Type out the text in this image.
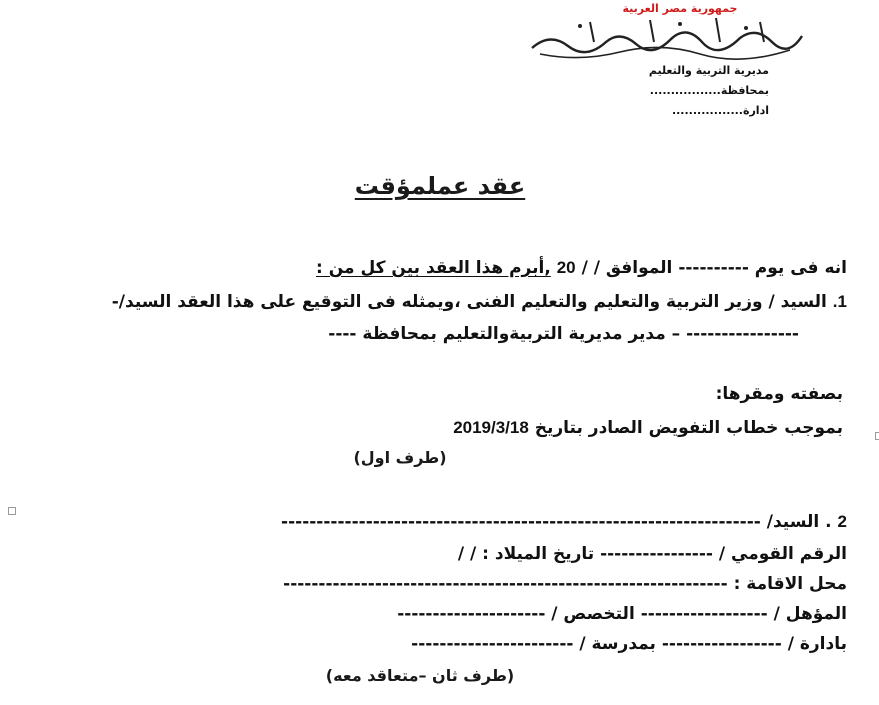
جمهورية مصر العربية
مديرية التربية والتعليم
بمحافظة.................
ادارة.................
عقد عملمؤقت
انه فى يوم ---------- الموافق / / 20 ,أبرم هذا العقد بين كل من :
1. السيد / وزير التربية والتعليم والتعليم الفنى ،ويمثله فى التوقيع على هذا العقد السيد/-
---------------- – مدير مديرية التربيةوالتعليم بمحافظة ----
بصفته ومقرها:
بموجب خطاب التفويض الصادر بتاريخ 2019/3/18
(طرف اول)
2 . السيد/ --------------------------------------------------------------------
الرقم القومي / ---------------- تاريخ الميلاد : / /
محل الاقامة : ---------------------------------------------------------------
المؤهل / ------------------ التخصص / ---------------------
بادارة / ----------------- بمدرسة / -----------------------
(طرف ثان –متعاقد معه)
